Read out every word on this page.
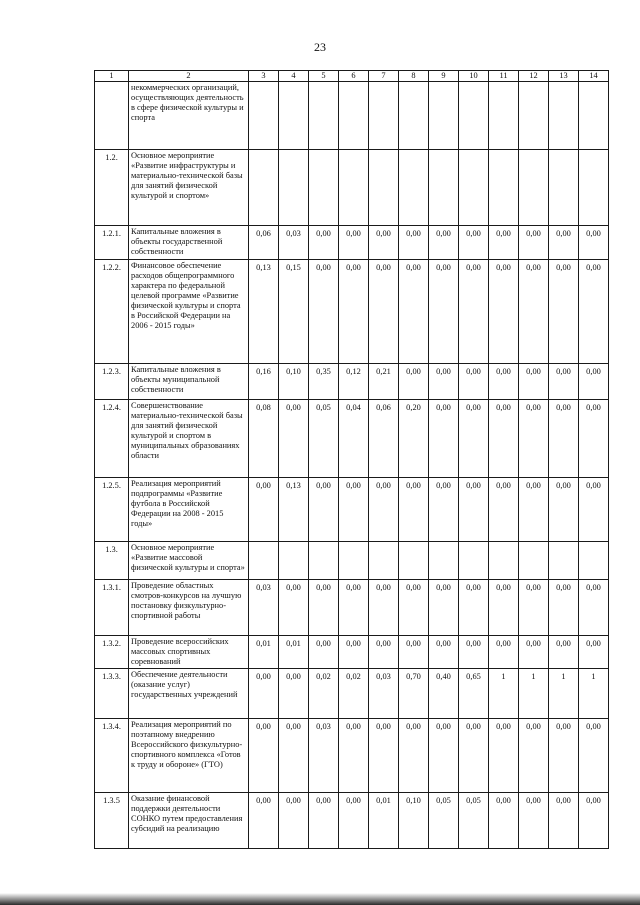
23
1	2	3	4	5	6	7	8	9	10	11	12	13	14
	некоммерческих организаций, осуществляющих деятельность в сфере физической культуры и спорта												
1.2.	Основное мероприятие «Развитие инфраструктуры и материально-технической базы для занятий физической культурой и спортом»												
1.2.1.	Капитальные вложения в объекты государственной собственности	0,06	0,03	0,00	0,00	0,00	0,00	0,00	0,00	0,00	0,00	0,00	0,00
1.2.2.	Финансовое обеспечение расходов общепрограммного характера по федеральной целевой программе «Развитие физической культуры и спорта в Российской Федерации на 2006 - 2015 годы»	0,13	0,15	0,00	0,00	0,00	0,00	0,00	0,00	0,00	0,00	0,00	0,00
1.2.3.	Капитальные вложения в объекты муниципальной собственности	0,16	0,10	0,35	0,12	0,21	0,00	0,00	0,00	0,00	0,00	0,00	0,00
1.2.4.	Совершенствование материально-технической базы для занятий физической культурой и спортом в муниципальных образованиях области	0,08	0,00	0,05	0,04	0,06	0,20	0,00	0,00	0,00	0,00	0,00	0,00
1.2.5.	Реализация мероприятий подпрограммы «Развитие футбола в Российской Федерации на 2008 - 2015 годы»	0,00	0,13	0,00	0,00	0,00	0,00	0,00	0,00	0,00	0,00	0,00	0,00
1.3.	Основное мероприятие «Развитие массовой физической культуры и спорта»												
1.3.1.	Проведение областных смотров-конкурсов на лучшую постановку физкультурно-спортивной работы	0,03	0,00	0,00	0,00	0,00	0,00	0,00	0,00	0,00	0,00	0,00	0,00
1.3.2.	Проведение всероссийских массовых спортивных соревнований	0,01	0,01	0,00	0,00	0,00	0,00	0,00	0,00	0,00	0,00	0,00	0,00
1.3.3.	Обеспечение деятельности (оказание услуг) государственных учреждений	0,00	0,00	0,02	0,02	0,03	0,70	0,40	0,65	1	1	1	1
1.3.4.	Реализация мероприятий по поэтапному внедрению Всероссийского физкультурно-спортивного комплекса «Готов к труду и обороне» (ГТО)	0,00	0,00	0,03	0,00	0,00	0,00	0,00	0,00	0,00	0,00	0,00	0,00
1.3.5	Оказание финансовой поддержки деятельности СОНКО путем предоставления субсидий на реализацию	0,00	0,00	0,00	0,00	0,01	0,10	0,05	0,05	0,00	0,00	0,00	0,00
